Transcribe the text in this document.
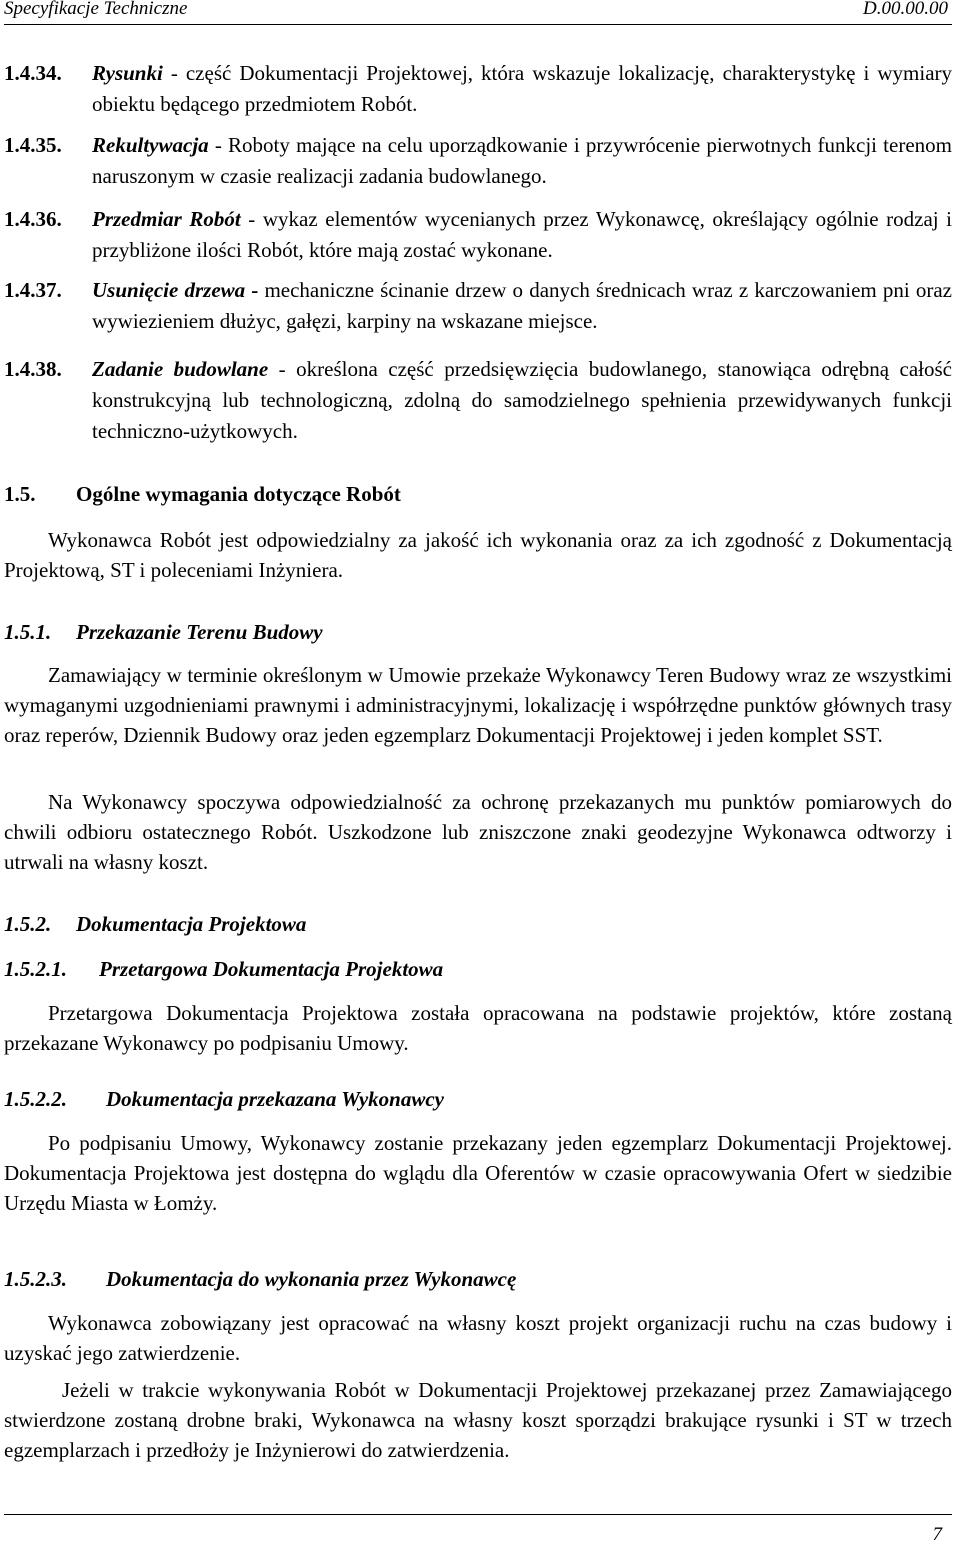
Specyfikacje Techniczne	D.00.00.00
1.4.34. Rysunki - część Dokumentacji Projektowej, która wskazuje lokalizację, charakterystykę i wymiary obiektu będącego przedmiotem Robót.
1.4.35. Rekultywacja - Roboty mające na celu uporządkowanie i przywrócenie pierwotnych funkcji terenom naruszonym w czasie realizacji zadania budowlanego.
1.4.36. Przedmiar Robót - wykaz elementów wycenianych przez Wykonawcę, określający ogólnie rodzaj i przybliżone ilości Robót, które mają zostać wykonane.
1.4.37. Usunięcie drzewa - mechaniczne ścinanie drzew o danych średnicach wraz z karczowaniem pni oraz wywiezieniem dłużyc, gałęzi, karpiny na wskazane miejsce.
1.4.38. Zadanie budowlane - określona część przedsięwzięcia budowlanego, stanowiąca odrębną całość konstrukcyjną lub technologiczną, zdolną do samodzielnego spełnienia przewidywanych funkcji techniczno-użytkowych.
1.5. Ogólne wymagania dotyczące Robót
Wykonawca Robót jest odpowiedzialny za jakość ich wykonania oraz za ich zgodność z Dokumentacją Projektową, ST i poleceniami Inżyniera.
1.5.1. Przekazanie Terenu Budowy
Zamawiający w terminie określonym w Umowie przekaże Wykonawcy Teren Budowy wraz ze wszystkimi wymaganymi uzgodnieniami prawnymi i administracyjnymi, lokalizację i współrzędne punktów głównych trasy oraz reperów, Dziennik Budowy oraz jeden egzemplarz Dokumentacji Projektowej i jeden komplet SST.
Na Wykonawcy spoczywa odpowiedzialność za ochronę przekazanych mu punktów pomiarowych do chwili odbioru ostatecznego Robót. Uszkodzone lub zniszczone znaki geodezyjne Wykonawca odtworzy i utrwali na własny koszt.
1.5.2. Dokumentacja Projektowa
1.5.2.1. Przetargowa Dokumentacja Projektowa
Przetargowa Dokumentacja Projektowa została opracowana na podstawie projektów, które zostaną przekazane Wykonawcy po podpisaniu Umowy.
1.5.2.2. Dokumentacja przekazana Wykonawcy
Po podpisaniu Umowy, Wykonawcy zostanie przekazany jeden egzemplarz Dokumentacji Projektowej. Dokumentacja Projektowa jest dostępna do wglądu dla Oferentów w czasie opracowywania Ofert w siedzibie Urzędu Miasta w Łomży.
1.5.2.3. Dokumentacja do wykonania przez Wykonawcę
Wykonawca zobowiązany jest opracować na własny koszt projekt organizacji ruchu na czas budowy i uzyskać jego zatwierdzenie.
Jeżeli w trakcie wykonywania Robót w Dokumentacji Projektowej przekazanej przez Zamawiającego stwierdzone zostaną drobne braki, Wykonawca na własny koszt sporządzi brakujące rysunki i ST w trzech egzemplarzach i przedłoży je Inżynierowi do zatwierdzenia.
7
